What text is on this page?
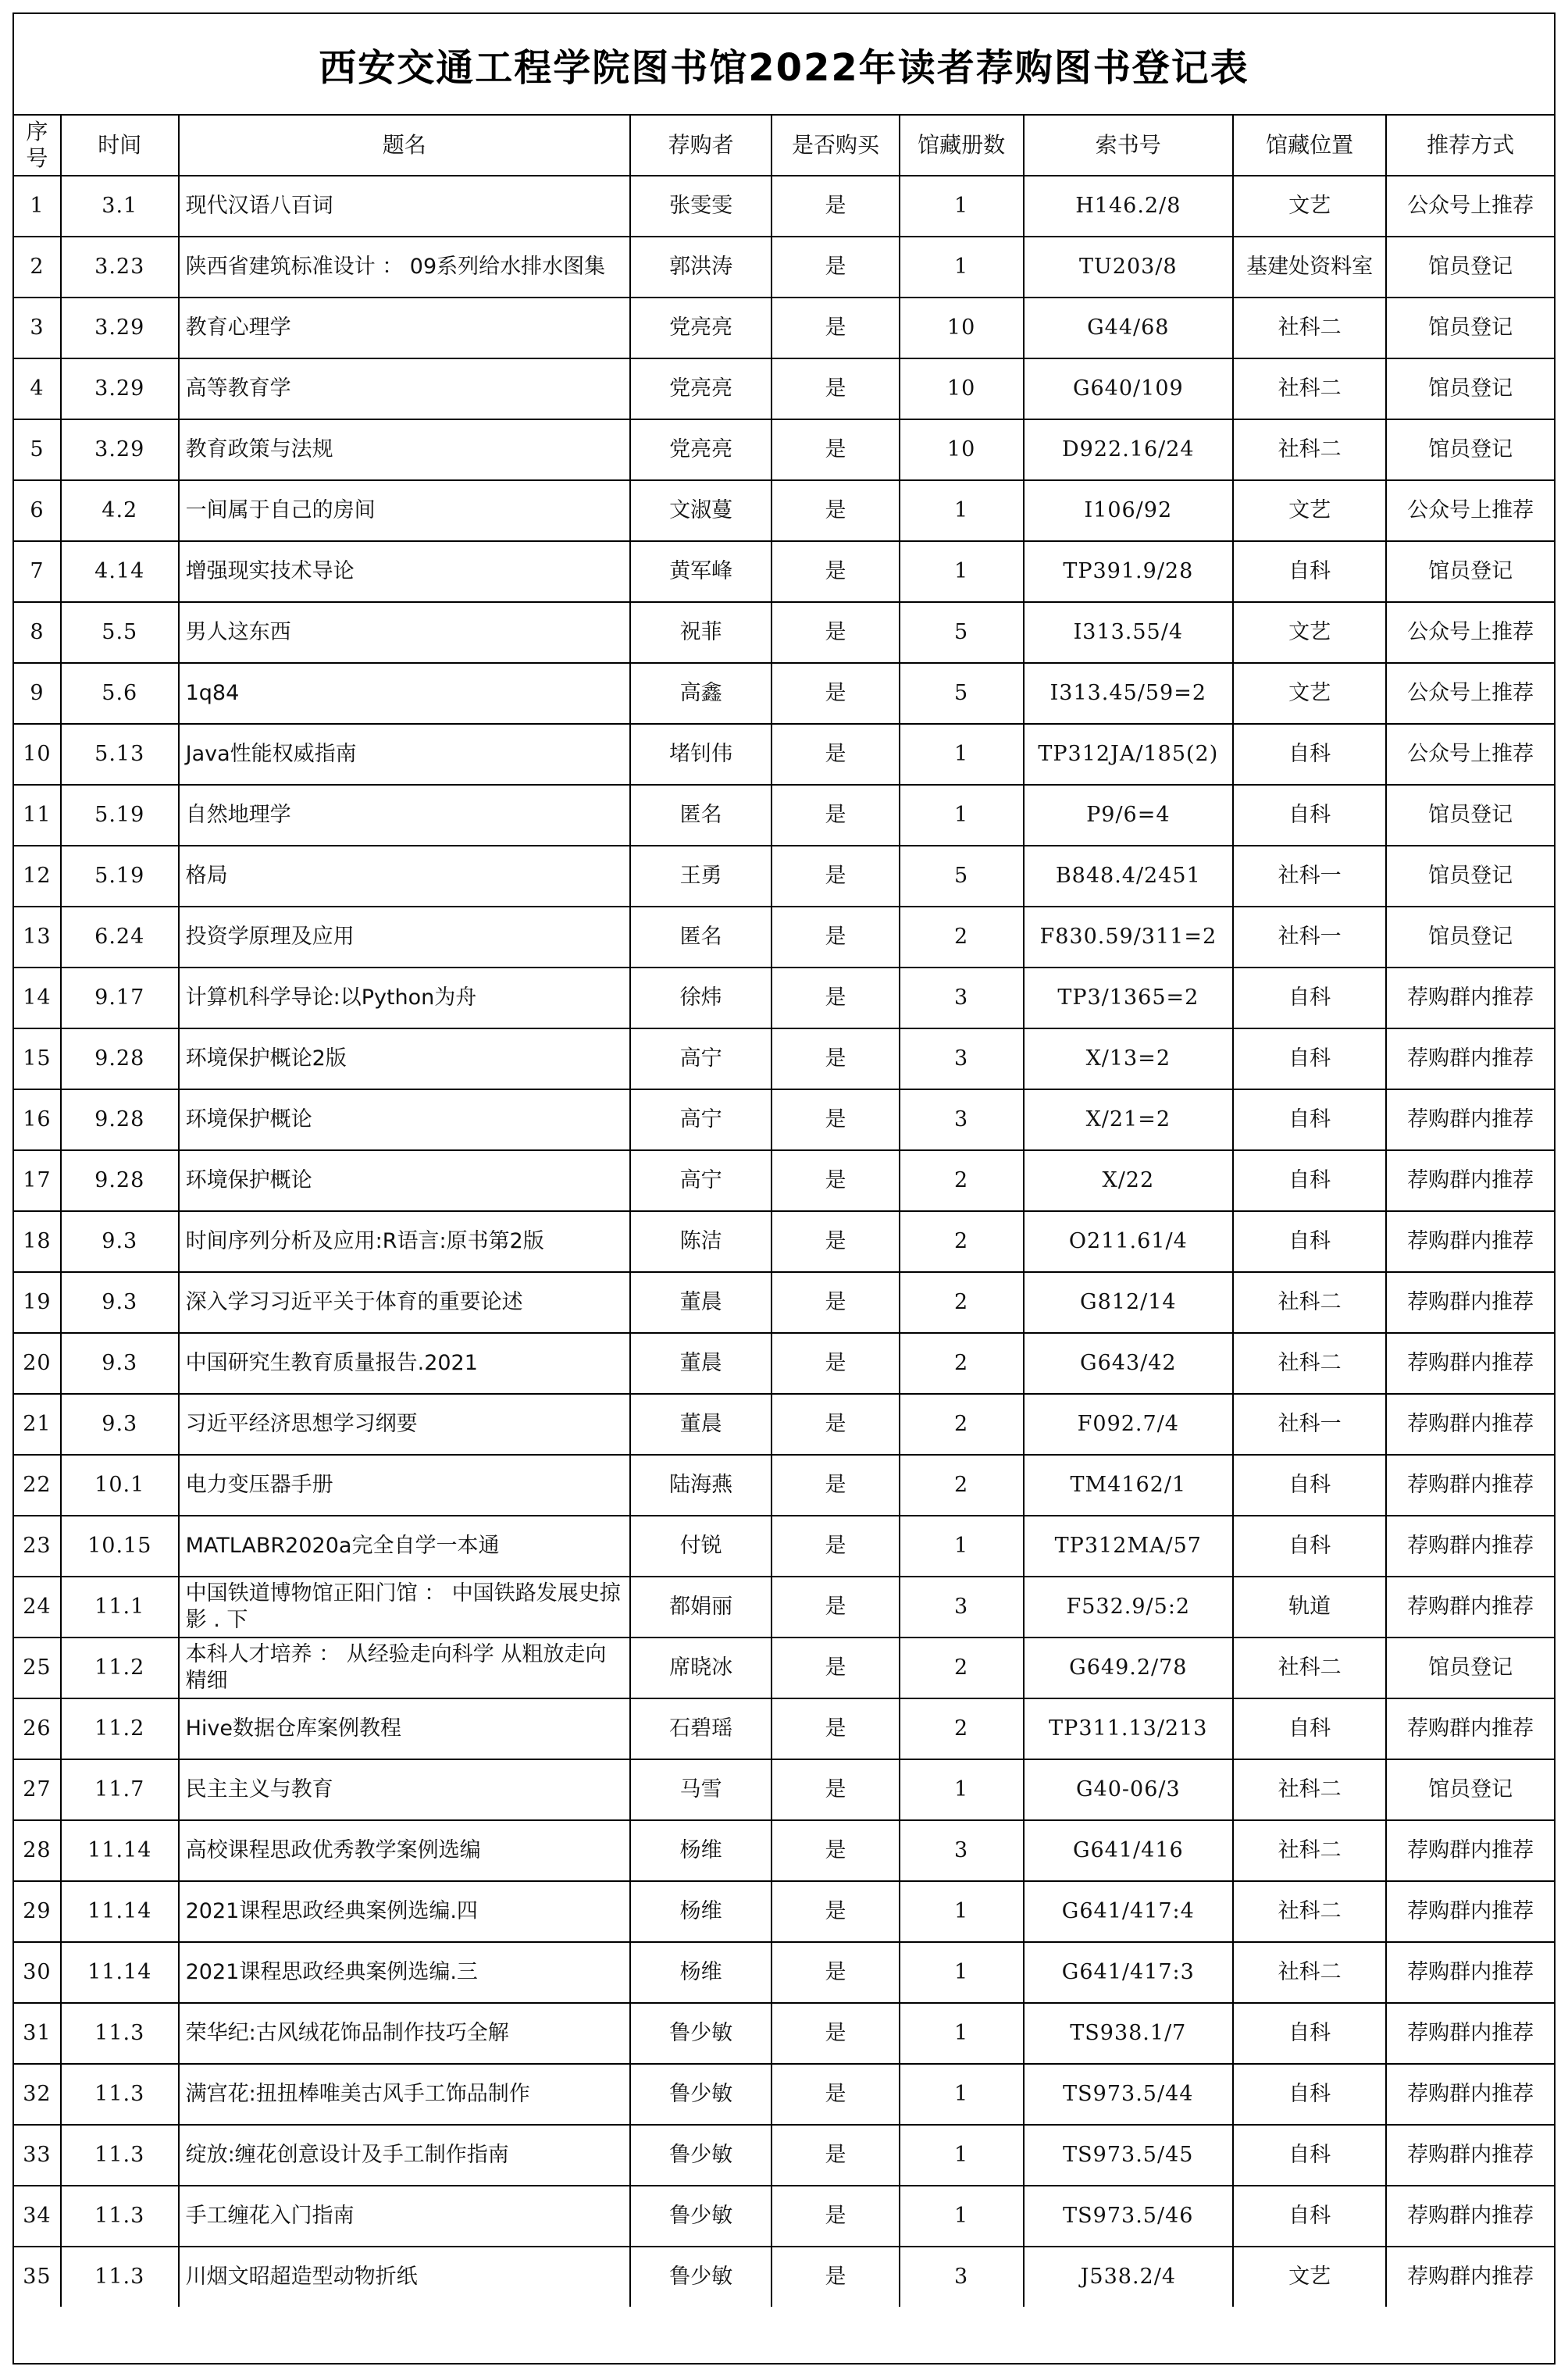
西安交通工程学院图书馆2022年读者荐购图书登记表
序号	时间	题名	荐购者	是否购买	馆藏册数	索书号	馆藏位置	推荐方式
1	3.1	现代汉语八百词	张雯雯	是	1	H146.2/8	文艺	公众号上推荐
2	3.23	陕西省建筑标准设计 ： 09系列给水排水图集	郭洪涛	是	1	TU203/8	基建处资料室	馆员登记
3	3.29	教育心理学	党亮亮	是	10	G44/68	社科二	馆员登记
4	3.29	高等教育学	党亮亮	是	10	G640/109	社科二	馆员登记
5	3.29	教育政策与法规	党亮亮	是	10	D922.16/24	社科二	馆员登记
6	4.2	一间属于自己的房间	文淑蔓	是	1	I106/92	文艺	公众号上推荐
7	4.14	增强现实技术导论	黄军峰	是	1	TP391.9/28	自科	馆员登记
8	5.5	男人这东西	祝菲	是	5	I313.55/4	文艺	公众号上推荐
9	5.6	1q84	高鑫	是	5	I313.45/59=2	文艺	公众号上推荐
10	5.13	Java性能权威指南	堵钊伟	是	1	TP312JA/185(2)	自科	公众号上推荐
11	5.19	自然地理学	匿名	是	1	P9/6=4	自科	馆员登记
12	5.19	格局	王勇	是	5	B848.4/2451	社科一	馆员登记
13	6.24	投资学原理及应用	匿名	是	2	F830.59/311=2	社科一	馆员登记
14	9.17	计算机科学导论:以Python为舟	徐炜	是	3	TP3/1365=2	自科	荐购群内推荐
15	9.28	环境保护概论2版	高宁	是	3	X/13=2	自科	荐购群内推荐
16	9.28	环境保护概论	高宁	是	3	X/21=2	自科	荐购群内推荐
17	9.28	环境保护概论	高宁	是	2	X/22	自科	荐购群内推荐
18	9.3	时间序列分析及应用:R语言:原书第2版	陈洁	是	2	O211.61/4	自科	荐购群内推荐
19	9.3	深入学习习近平关于体育的重要论述	董晨	是	2	G812/14	社科二	荐购群内推荐
20	9.3	中国研究生教育质量报告.2021	董晨	是	2	G643/42	社科二	荐购群内推荐
21	9.3	习近平经济思想学习纲要	董晨	是	2	F092.7/4	社科一	荐购群内推荐
22	10.1	电力变压器手册	陆海燕	是	2	TM4162/1	自科	荐购群内推荐
23	10.15	MATLABR2020a完全自学一本通	付锐	是	1	TP312MA/57	自科	荐购群内推荐
24	11.1	中国铁道博物馆正阳门馆 ： 中国铁路发展史掠影 . 下	都娟丽	是	3	F532.9/5:2	轨道	荐购群内推荐
25	11.2	本科人才培养 ： 从经验走向科学 从粗放走向精细	席晓冰	是	2	G649.2/78	社科二	馆员登记
26	11.2	Hive数据仓库案例教程	石碧瑶	是	2	TP311.13/213	自科	荐购群内推荐
27	11.7	民主主义与教育	马雪	是	1	G40-06/3	社科二	馆员登记
28	11.14	高校课程思政优秀教学案例选编	杨维	是	3	G641/416	社科二	荐购群内推荐
29	11.14	2021课程思政经典案例选编.四	杨维	是	1	G641/417:4	社科二	荐购群内推荐
30	11.14	2021课程思政经典案例选编.三	杨维	是	1	G641/417:3	社科二	荐购群内推荐
31	11.3	荣华纪:古风绒花饰品制作技巧全解	鲁少敏	是	1	TS938.1/7	自科	荐购群内推荐
32	11.3	满宫花:扭扭棒唯美古风手工饰品制作	鲁少敏	是	1	TS973.5/44	自科	荐购群内推荐
33	11.3	绽放:缠花创意设计及手工制作指南	鲁少敏	是	1	TS973.5/45	自科	荐购群内推荐
34	11.3	手工缠花入门指南	鲁少敏	是	1	TS973.5/46	自科	荐购群内推荐
35	11.3	川烟文昭超造型动物折纸	鲁少敏	是	3	J538.2/4	文艺	荐购群内推荐
